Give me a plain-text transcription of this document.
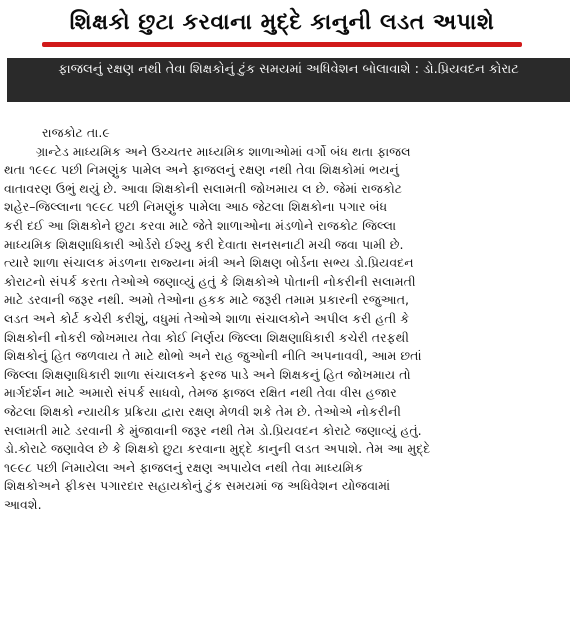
શિક્ષકો છુટા કરવાના મુદ્દે કાનુની લડત અપાશે
ફાજલનું રક્ષણ નથી તેવા શિક્ષકોનું ટુંક સમયમાં અધિવેશન બોલાવાશે : ડો.પ્રિયવદન કોરાટ
રાજકોટ તા.૯
ગ્રાન્ટેડ માધ્યમિક અને ઉચ્ચતર માધ્યમિક શાળાઓમાં વર્ગો બંધ થતા ફાજલ
થતા ૧૯૯૮ પછી નિમણુંક પામેલ અને ફાજલનું રક્ષણ નથી તેવા શિક્ષકોમાં ભયનું
વાતાવરણ ઉભું થયું છે. આવા શિક્ષકોની સલામતી જોખમાય લ છે. જેમાં રાજકોટ
શહેર–જિલ્લાના ૧૯૯૮ પછી નિમણુંક પામેલા આઠ જેટલા શિક્ષકોના પગાર બંધ
કરી દઈ આ શિક્ષકોને છુટા કરવા માટે જેતે શાળાઓના મંડળોને રાજકોટ જિલ્લા
માધ્યમિક શિક્ષણાધિકારી ઓર્ડરો ઈશ્યુ કરી દેવાતા સનસનાટી મચી જવા પામી છે.
ત્યારે શાળા સંચાલક મંડળના રાજ્યના મંત્રી અને શિક્ષણ બોર્ડના સભ્ય ડો.પ્રિયવદન
કોરાટનો સંપર્ક કરતા તેઓએ જણાવ્યું હતું કે શિક્ષકોએ પોતાની નોકરીની સલામતી
માટે ડરવાની જરૂર નથી. અમો તેઓના હકક માટે જરૂરી તમામ પ્રકારની રજુઆત,
લડત અને કોર્ટ કચેરી કરીશું, વધુમાં તેઓએ શાળા સંચાલકોને અપીલ કરી હતી કે
શિક્ષકોની નોકરી જોખમાય તેવા કોઈ નિર્ણય જિલ્લા શિક્ષણાધિકારી કચેરી તરફથી
શિક્ષકોનું હિત જળવાય તે માટે થોભો અને રાહ જુઓની નીતિ અપનાવવી, આમ છતાં
જિલ્લા શિક્ષણાધિકારી શાળા સંચાલકને ફરજ પાડે અને શિક્ષકનું હિત જોખમાય તો
માર્ગદર્શન માટે અમારો સંપર્ક સાધવો, તેમજ ફાજલ રક્ષિત નથી તેવા વીસ હજાર
જેટલા શિક્ષકો ન્યાયીક પ્રક્રિયા દ્વારા રક્ષણ મેળવી શકે તેમ છે. તેઓએ નોકરીની
સલામતી માટે ડરવાની કે મુંજાવાની જરૂર નથી તેમ ડો.પ્રિયવદન કોરાટે જણાવ્યું હતું.
ડો.કોરાટે જણાવેલ છે કે શિક્ષકો છુટા કરવાના મુદ્દે કાનુની લડત અપાશે. તેમ આ મુદ્દે
૧૯૯૮ પછી નિમાયેલા અને ફાજલનું રક્ષણ અપાયેલ નથી તેવા માધ્યમિક
શિક્ષકોઅને ફીકસ પગારદાર સહાયકોનું ટુંક સમયમાં જ અધિવેશન યોજવામાં
આવશે.
